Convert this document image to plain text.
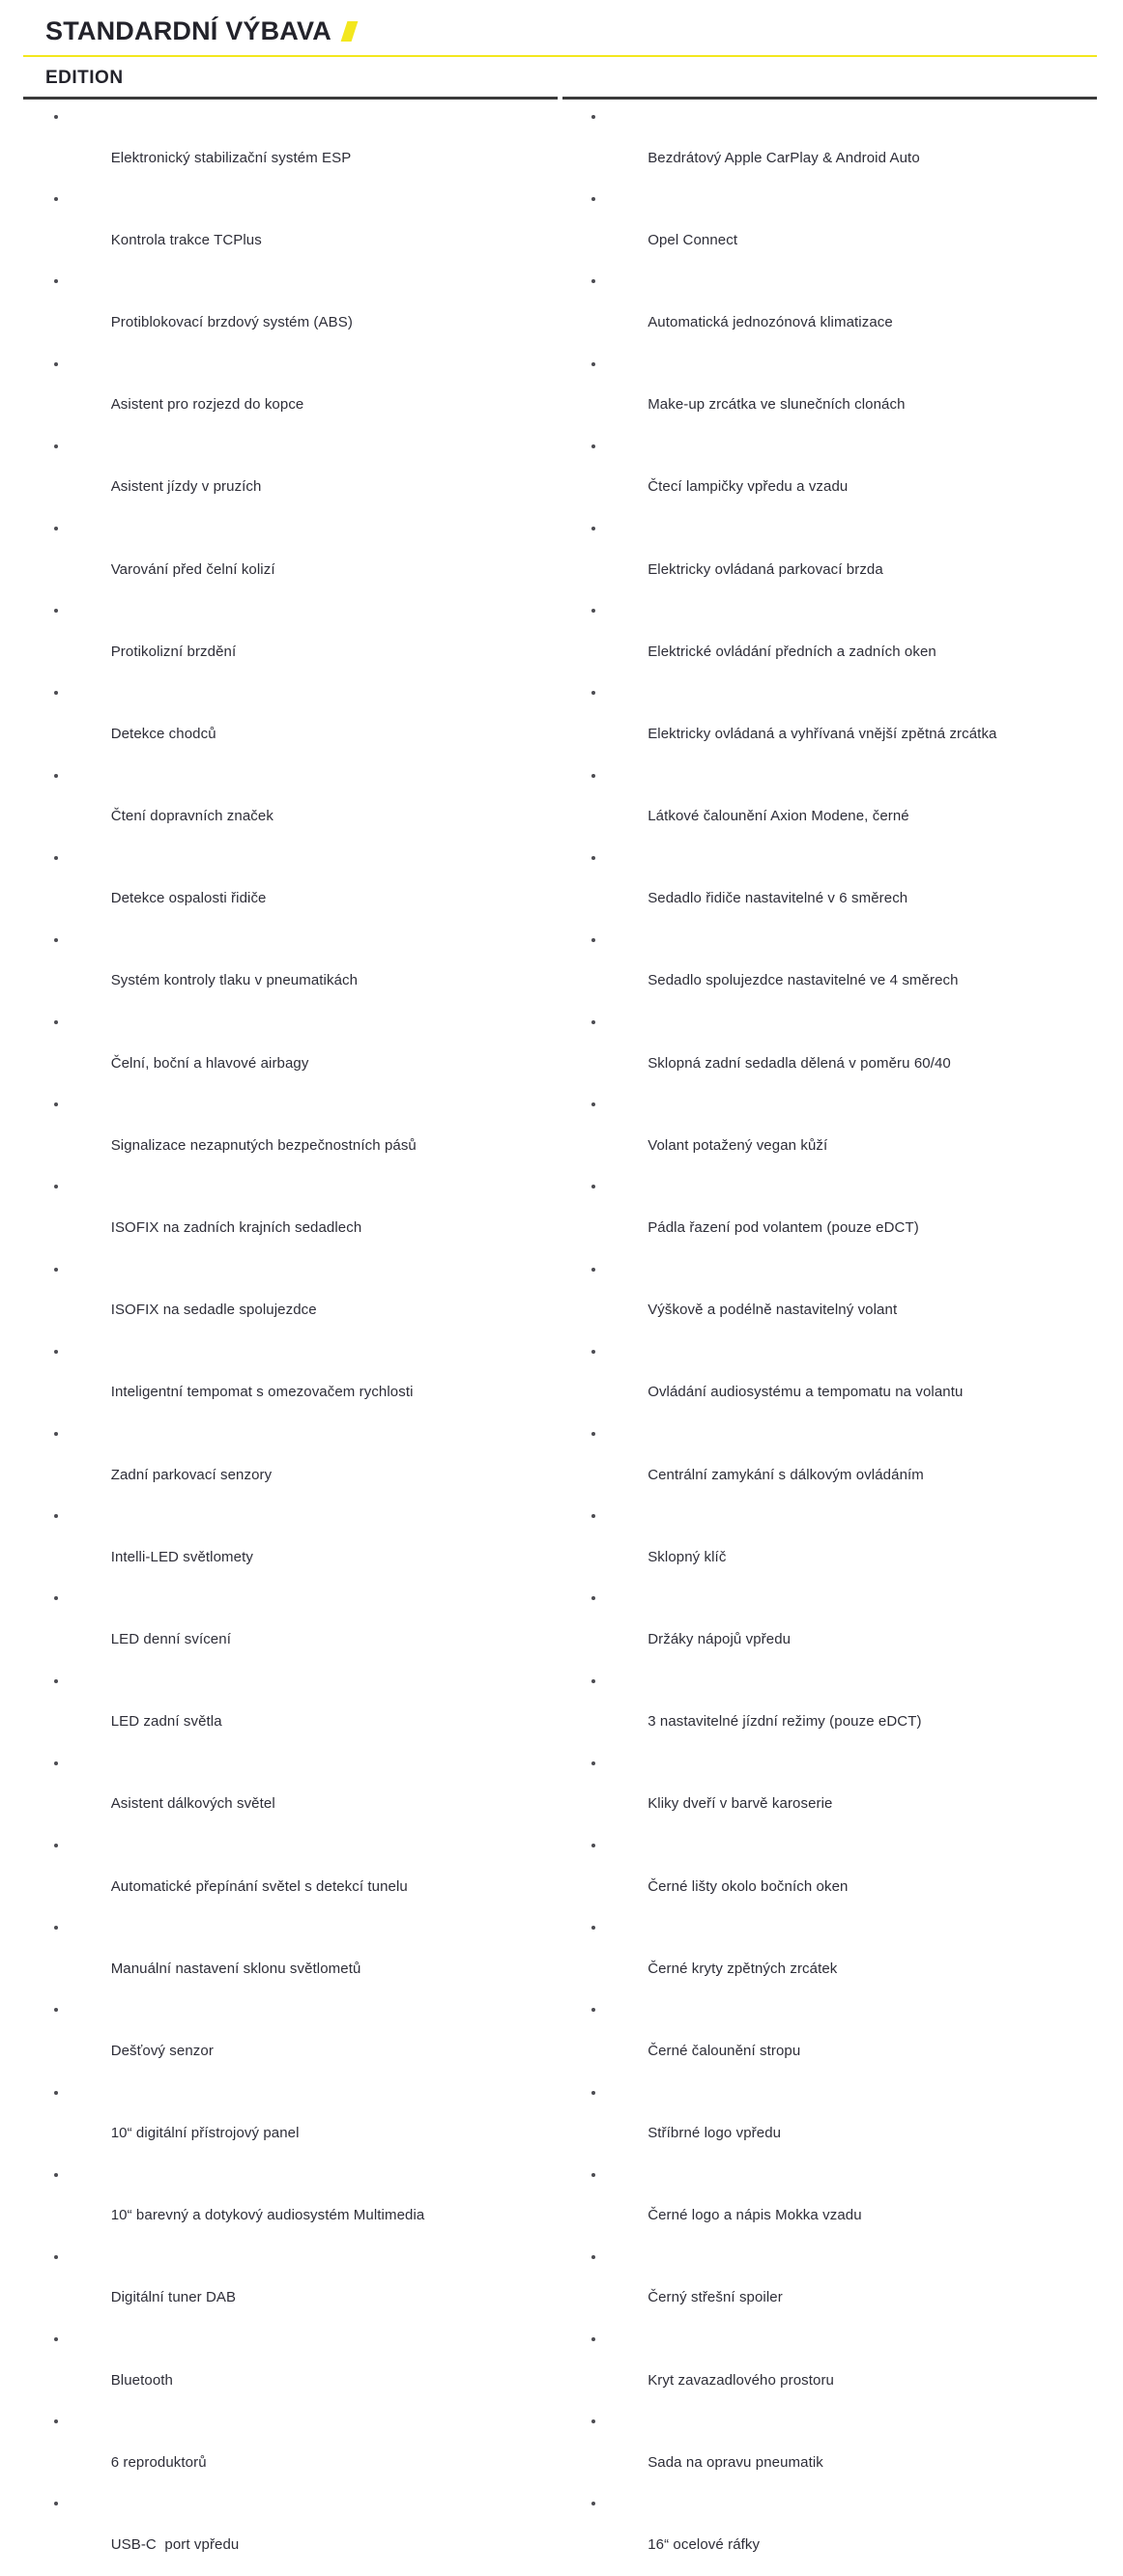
STANDARDNÍ VÝBAVA
EDITION

Elektronický stabilizační systém ESP

Kontrola trakce TCPlus

Protiblokovací brzdový systém (ABS)

Asistent pro rozjezd do kopce

Asistent jízdy v pruzích

Varování před čelní kolizí

Protikolizní brzdění

Detekce chodců

Čtení dopravních značek

Detekce ospalosti řidiče

Systém kontroly tlaku v pneumatikách

Čelní, boční a hlavové airbagy

Signalizace nezapnutých bezpečnostních pásů

ISOFIX na zadních krajních sedadlech

ISOFIX na sedadle spolujezdce

Inteligentní tempomat s omezovačem rychlosti

Zadní parkovací senzory

Intelli-LED světlomety

LED denní svícení

LED zadní světla

Asistent dálkových světel

Automatické přepínání světel s detekcí tunelu

Manuální nastavení sklonu světlometů

Dešťový senzor

10“ digitální přístrojový panel

10“ barevný a dotykový audiosystém Multimedia

Digitální tuner DAB

Bluetooth

6 reproduktorů

USB-C  port vpředu

Bezdrátový Apple CarPlay & Android Auto

Opel Connect

Automatická jednozónová klimatizace

Make-up zrcátka ve slunečních clonách

Čtecí lampičky vpředu a vzadu

Elektricky ovládaná parkovací brzda

Elektrické ovládání předních a zadních oken

Elektricky ovládaná a vyhřívaná vnější zpětná zrcátka

Látkové čalounění Axion Modene, černé

Sedadlo řidiče nastavitelné v 6 směrech

Sedadlo spolujezdce nastavitelné ve 4 směrech

Sklopná zadní sedadla dělená v poměru 60/40

Volant potažený vegan kůží

Pádla řazení pod volantem (pouze eDCT)

Výškově a podélně nastavitelný volant

Ovládání audiosystému a tempomatu na volantu

Centrální zamykání s dálkovým ovládáním

Sklopný klíč

Držáky nápojů vpředu

3 nastavitelné jízdní režimy (pouze eDCT)

Kliky dveří v barvě karoserie

Černé lišty okolo bočních oken

Černé kryty zpětných zrcátek

Černé čalounění stropu

Stříbrné logo vpředu

Černé logo a nápis Mokka vzadu

Černý střešní spoiler

Kryt zavazadlového prostoru

Sada na opravu pneumatik

16“ ocelové ráfky
